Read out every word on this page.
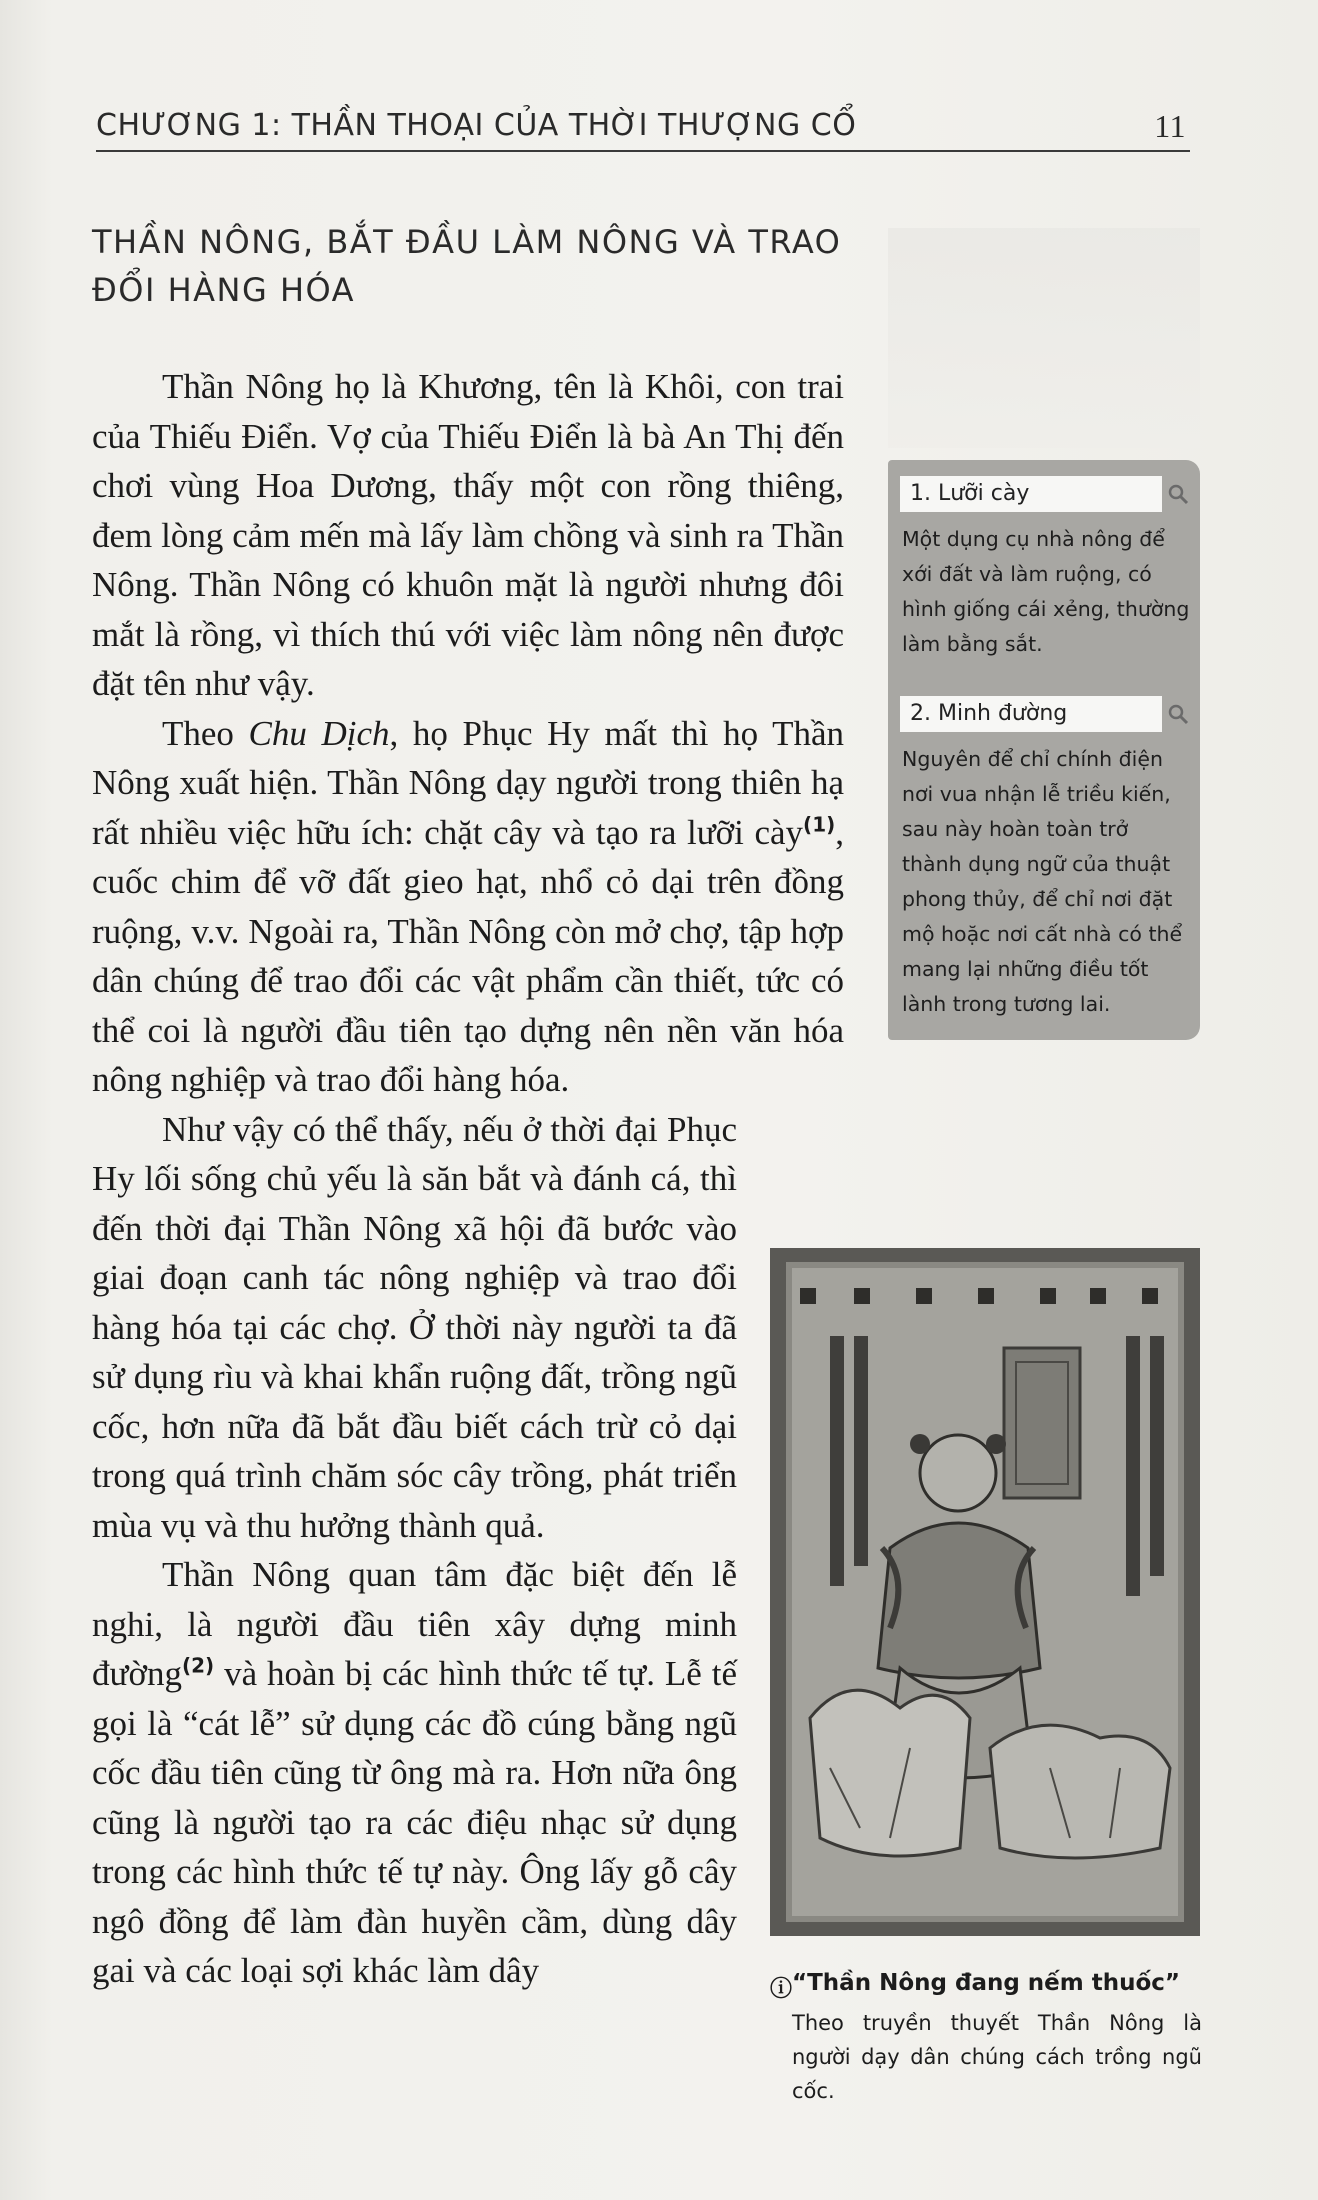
CHƯƠNG 1: THẦN THOẠI CỦA THỜI THƯỢNG CỔ	11
THẦN NÔNG, BẮT ĐẦU LÀM NÔNG VÀ TRAO ĐỔI HÀNG HÓA

Thần Nông họ là Khương, tên là Khôi, con trai của Thiếu Điển. Vợ của Thiếu Điển là bà An Thị đến chơi vùng Hoa Dương, thấy một con rồng thiêng, đem lòng cảm mến mà lấy làm chồng và sinh ra Thần Nông. Thần Nông có khuôn mặt là người nhưng đôi mắt là rồng, vì thích thú với việc làm nông nên được đặt tên như vậy.

Theo Chu Dịch, họ Phục Hy mất thì họ Thần Nông xuất hiện. Thần Nông dạy người trong thiên hạ rất nhiều việc hữu ích: chặt cây và tạo ra lưỡi cày$^{(1)}$, cuốc chim để vỡ đất gieo hạt, nhổ cỏ dại trên đồng ruộng, v.v. Ngoài ra, Thần Nông còn mở chợ, tập hợp dân chúng để trao đổi các vật phẩm cần thiết, tức có thể coi là người đầu tiên tạo dựng nên nền văn hóa nông nghiệp và trao đổi hàng hóa.

Như vậy có thể thấy, nếu ở thời đại Phục Hy lối sống chủ yếu là săn bắt và đánh cá, thì đến thời đại Thần Nông xã hội đã bước vào giai đoạn canh tác nông nghiệp và trao đổi hàng hóa tại các chợ. Ở thời này người ta đã sử dụng rìu và khai khẩn ruộng đất, trồng ngũ cốc, hơn nữa đã bắt đầu biết cách trừ cỏ dại trong quá trình chăm sóc cây trồng, phát triển mùa vụ và thu hưởng thành quả.

Thần Nông quan tâm đặc biệt đến lễ nghi, là người đầu tiên xây dựng minh đường$^{(2)}$ và hoàn bị các hình thức tế tự. Lễ tế gọi là “cát lễ” sử dụng các đồ cúng bằng ngũ cốc đầu tiên cũng từ ông mà ra. Hơn nữa ông cũng là người tạo ra các điệu nhạc sử dụng trong các hình thức tế tự này. Ông lấy gỗ cây ngô đồng để làm đàn huyền cầm, dùng dây gai và các loại sợi khác làm dây

1. Lưỡi cày
Một dụng cụ nhà nông để xới đất và làm ruộng, có hình giống cái xẻng, thường làm bằng sắt.
2. Minh đường
Nguyên để chỉ chính điện nơi vua nhận lễ triều kiến, sau này hoàn toàn trở thành dụng ngữ của thuật phong thủy, để chỉ nơi đặt mộ hoặc nơi cất nhà có thể mang lại những điều tốt lành trong tương lai.
ⓘ “Thần Nông đang nếm thuốc”
Theo truyền thuyết Thần Nông là người dạy dân chúng cách trồng ngũ cốc.
